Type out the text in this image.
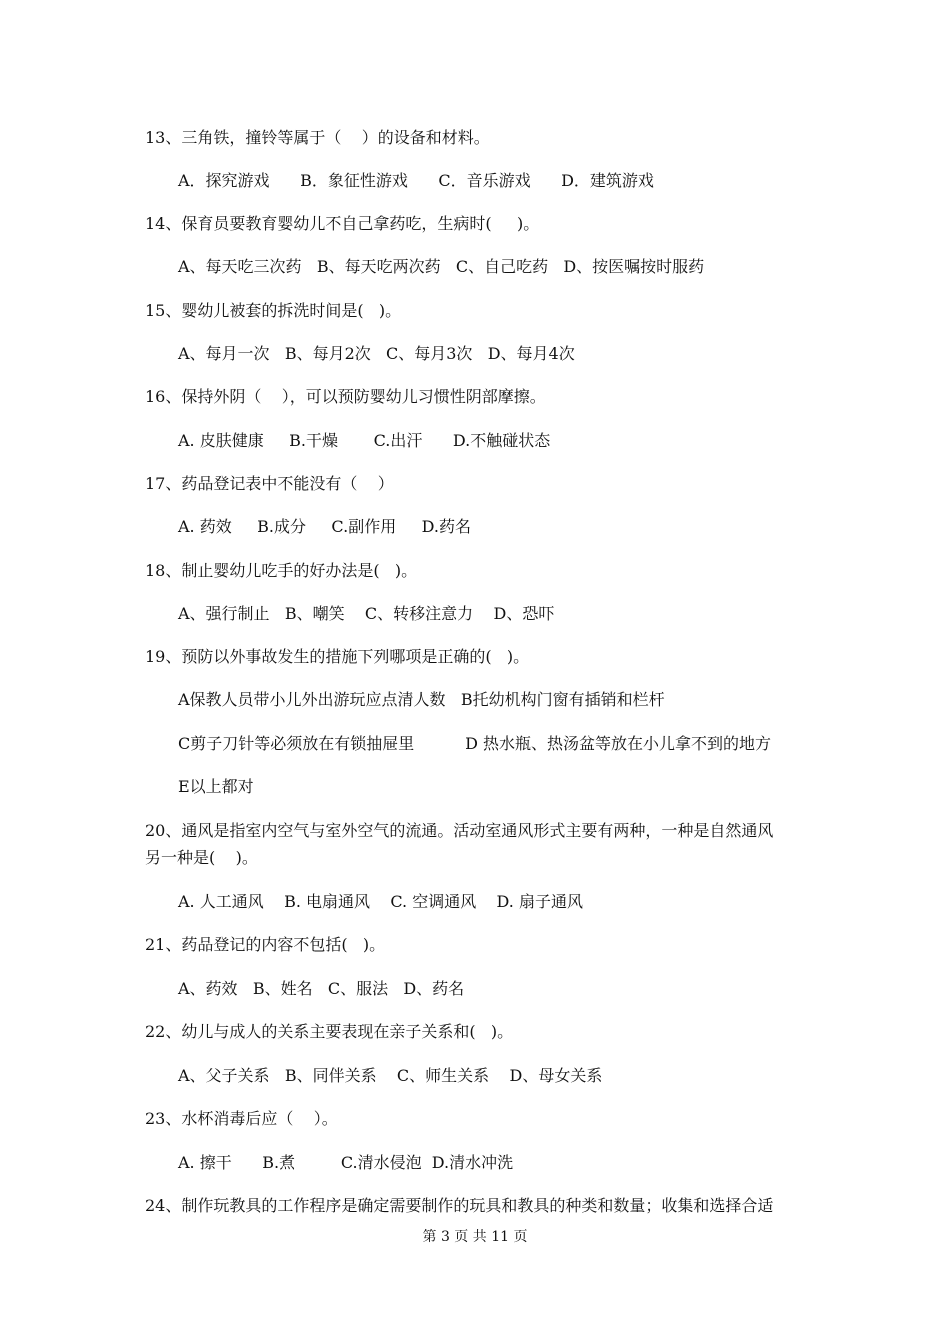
13、三角铁，撞铃等属于（    ）的设备和材料。
A．探究游戏      B．象征性游戏      C．音乐游戏      D．建筑游戏
14、保育员要教育婴幼儿不自己拿药吃，生病时(     )。
A、每天吃三次药   B、每天吃两次药   C、自己吃药   D、按医嘱按时服药
15、婴幼儿被套的拆洗时间是(   )。
A、每月一次   B、每月2次   C、每月3次   D、每月4次
16、保持外阴（    ），可以预防婴幼儿习惯性阴部摩擦。
A. 皮肤健康     B.干燥       C.出汗      D.不触碰状态
17、药品登记表中不能没有（    ）
A. 药效     B.成分     C.副作用     D.药名
18、制止婴幼儿吃手的好办法是(   )。
A、强行制止   B、嘲笑    C、转移注意力    D、恐吓
19、预防以外事故发生的措施下列哪项是正确的(   )。
A保教人员带小儿外出游玩应点清人数   B托幼机构门窗有插销和栏杆
C剪子刀针等必须放在有锁抽屉里          D 热水瓶、热汤盆等放在小儿拿不到的地方
E以上都对
20、通风是指室内空气与室外空气的流通。活动室通风形式主要有两种，一种是自然通风
另一种是(    )。
A. 人工通风    B. 电扇通风    C. 空调通风    D. 扇子通风
21、药品登记的内容不包括(   )。
A、药效   B、姓名   C、服法   D、药名
22、幼儿与成人的关系主要表现在亲子关系和(   )。
A、父子关系   B、同伴关系    C、师生关系    D、母女关系
23、水杯消毒后应（    ）。
A. 擦干      B.煮         C.清水侵泡  D.清水冲洗
24、制作玩教具的工作程序是确定需要制作的玩具和教具的种类和数量；收集和选择合适
第 3 页 共 11 页
